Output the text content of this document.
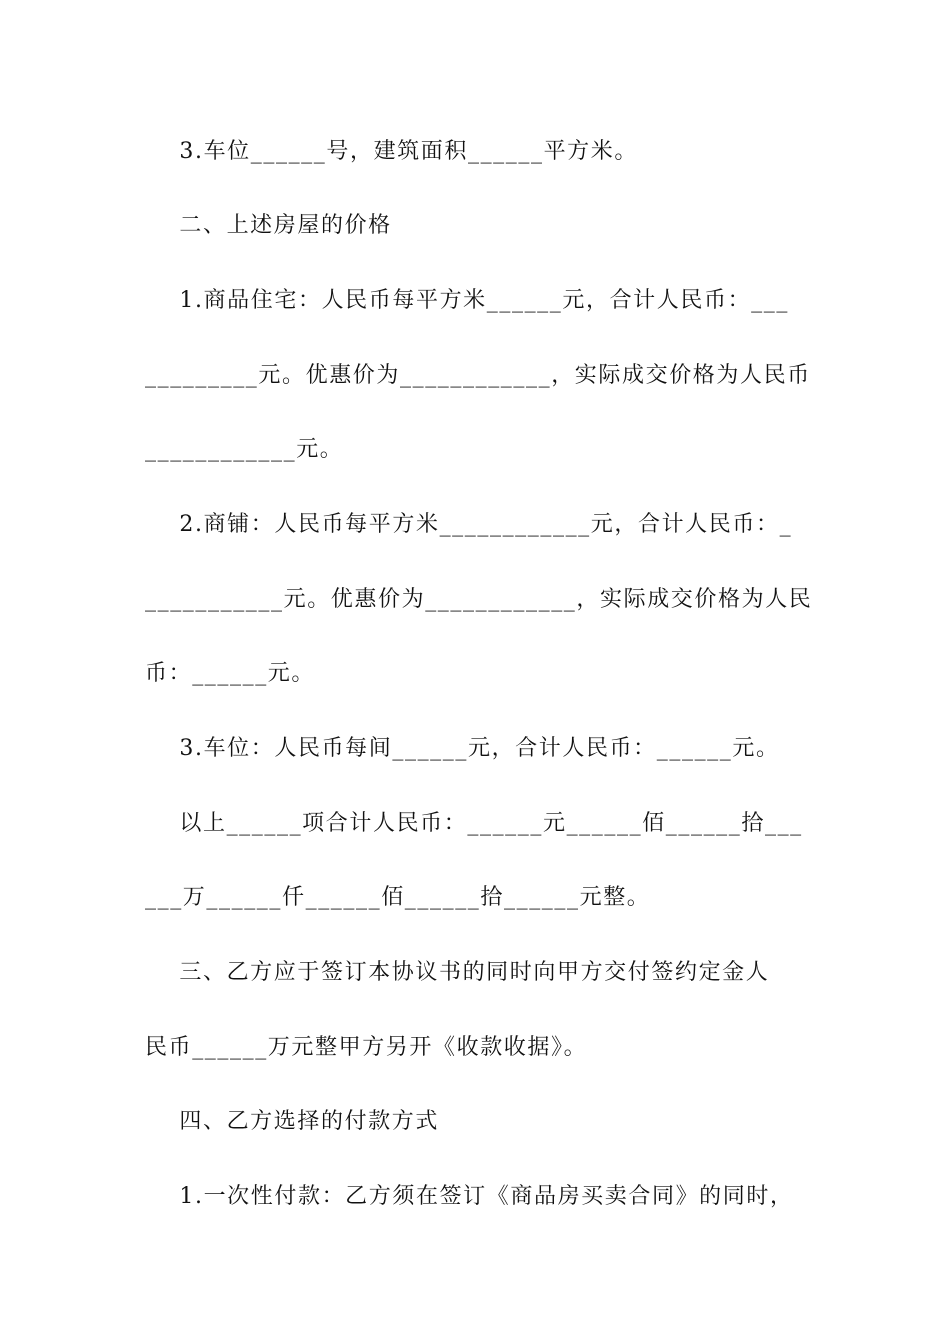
3.车位______号，建筑面积______平方米。
二、上述房屋的价格
1.商品住宅：人民币每平方米______元，合计人民币：___
_________元。优惠价为____________，实际成交价格为人民币
____________元。
2.商铺：人民币每平方米____________元，合计人民币：_
___________元。优惠价为____________，实际成交价格为人民
币：______元。
3.车位：人民币每间______元，合计人民币：______元。
以上______项合计人民币：______元______佰______拾___
___万______仟______佰______拾______元整。
三、乙方应于签订本协议书的同时向甲方交付签约定金人
民币______万元整甲方另开《收款收据》。
四、乙方选择的付款方式
1.一次性付款：乙方须在签订《商品房买卖合同》的同时，
